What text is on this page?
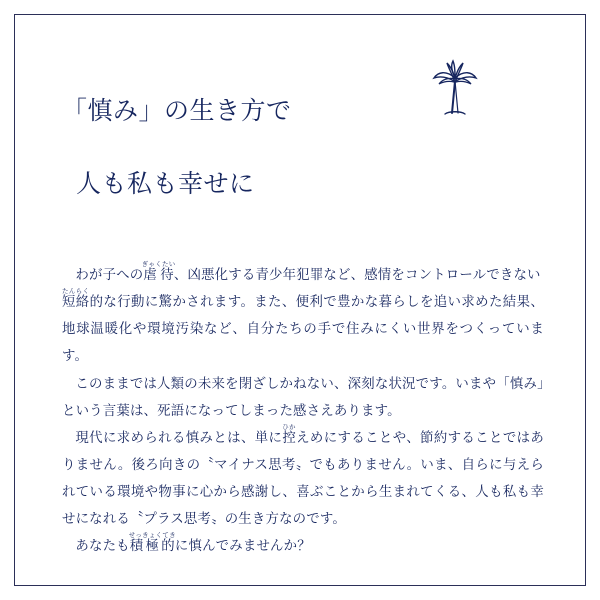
「慎み」の生き方で

人も私も幸せに

わが子への虐待ぎゃくたい、凶悪化する青少年犯罪など、感情をコントロールできない短絡たんらく的な行動に驚かされます。また、便利で豊かな暮らしを追い求めた結果、地球温暖化や環境汚染など、自分たちの手で住みにくい世界をつくっています。

このままでは人類の未来を閉ざしかねない、深刻な状況です。いまや「慎み」という言葉は、死語になってしまった感さえあります。

現代に求められる慎みとは、単に控ひかえめにすることや、節約することではありません。後ろ向きの〝マイナス思考〟でもありません。いま、自らに与えられている環境や物事に心から感謝し、喜ぶことから生まれてくる、人も私も幸せになれる〝プラス思考〟の生き方なのです。

あなたも積極的せっきょくてきに慎んでみませんか？
